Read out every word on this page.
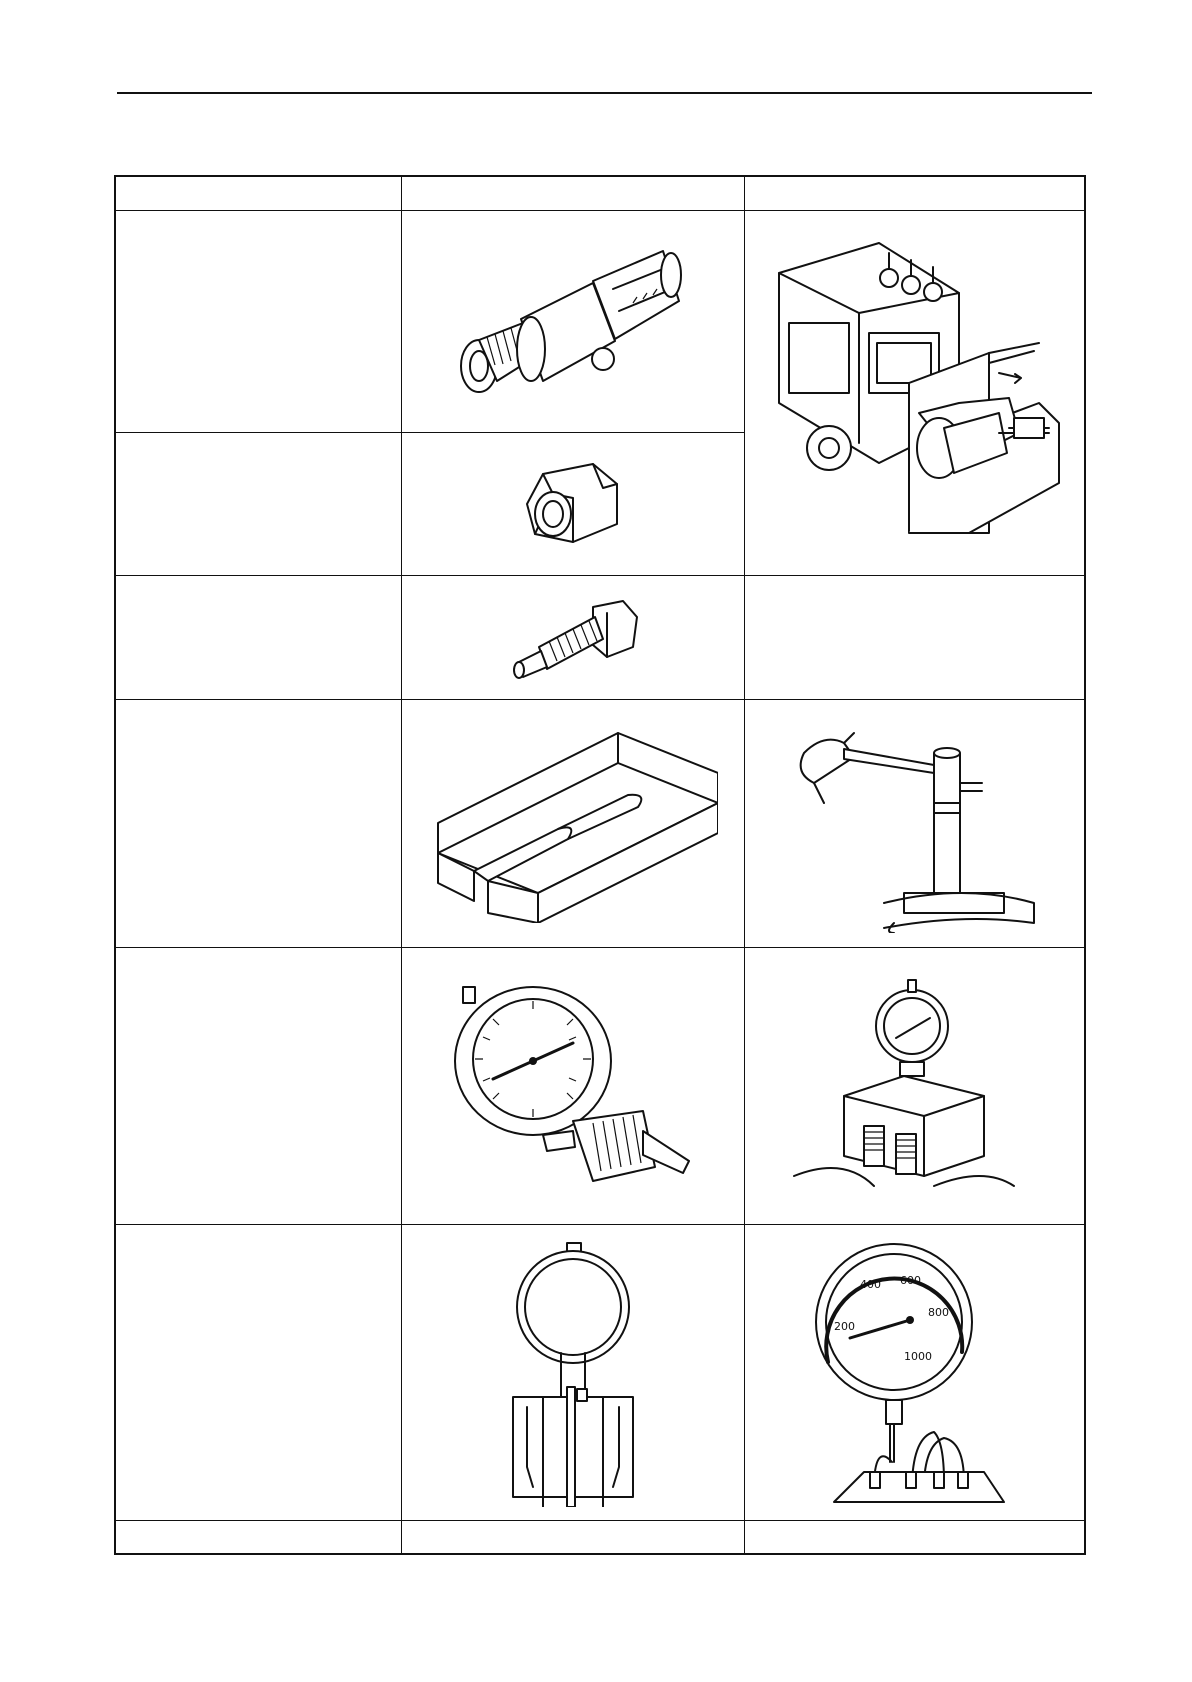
200
400 600
800
1000
